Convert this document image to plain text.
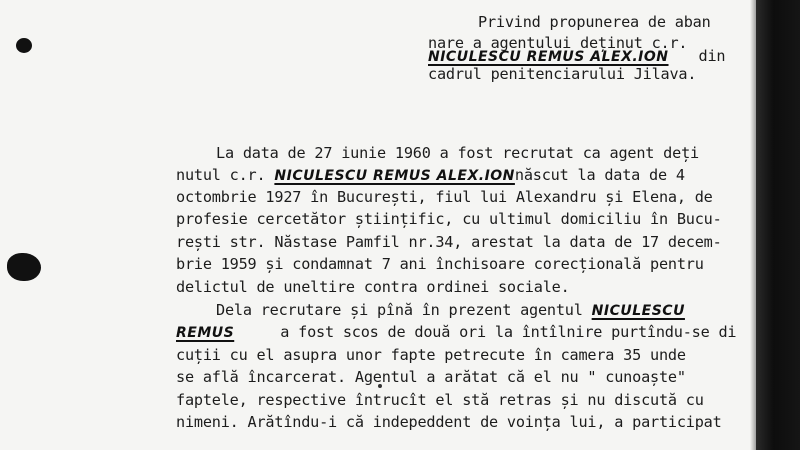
Privind propunerea de aban
nare a agentului deținut c.r.
NICULESCU REMUS ALEX.ION din
cadrul penitenciarului Jilava.
La data de 27 iunie 1960 a fost recrutat ca agent deți
nutul c.r. NICULESCU REMUS ALEX.IONnăscut la data de 4
octombrie 1927 în București, fiul lui Alexandru și Elena, de
profesie cercetător științific, cu ultimul domiciliu în Bucu-
rești str. Năstase Pamfil nr.34, arestat la data de 17 decem-
brie 1959 și condamnat 7 ani închisoare corecțională pentru
delictul de uneltire contra ordinei sociale.
Dela recrutare și pînă în prezent agentul NICULESCU
REMUS	a fost scos de două ori la întîlnire purtîndu-se di
cuții cu el asupra unor fapte petrecute în camera 35 unde
se află încarcerat. Agentul a arătat că el nu " cunoaște"
faptele, respective întrucît el stă retras și nu discută cu
nimeni. Arătîndu-i că indepeddent de voința lui, a participat
